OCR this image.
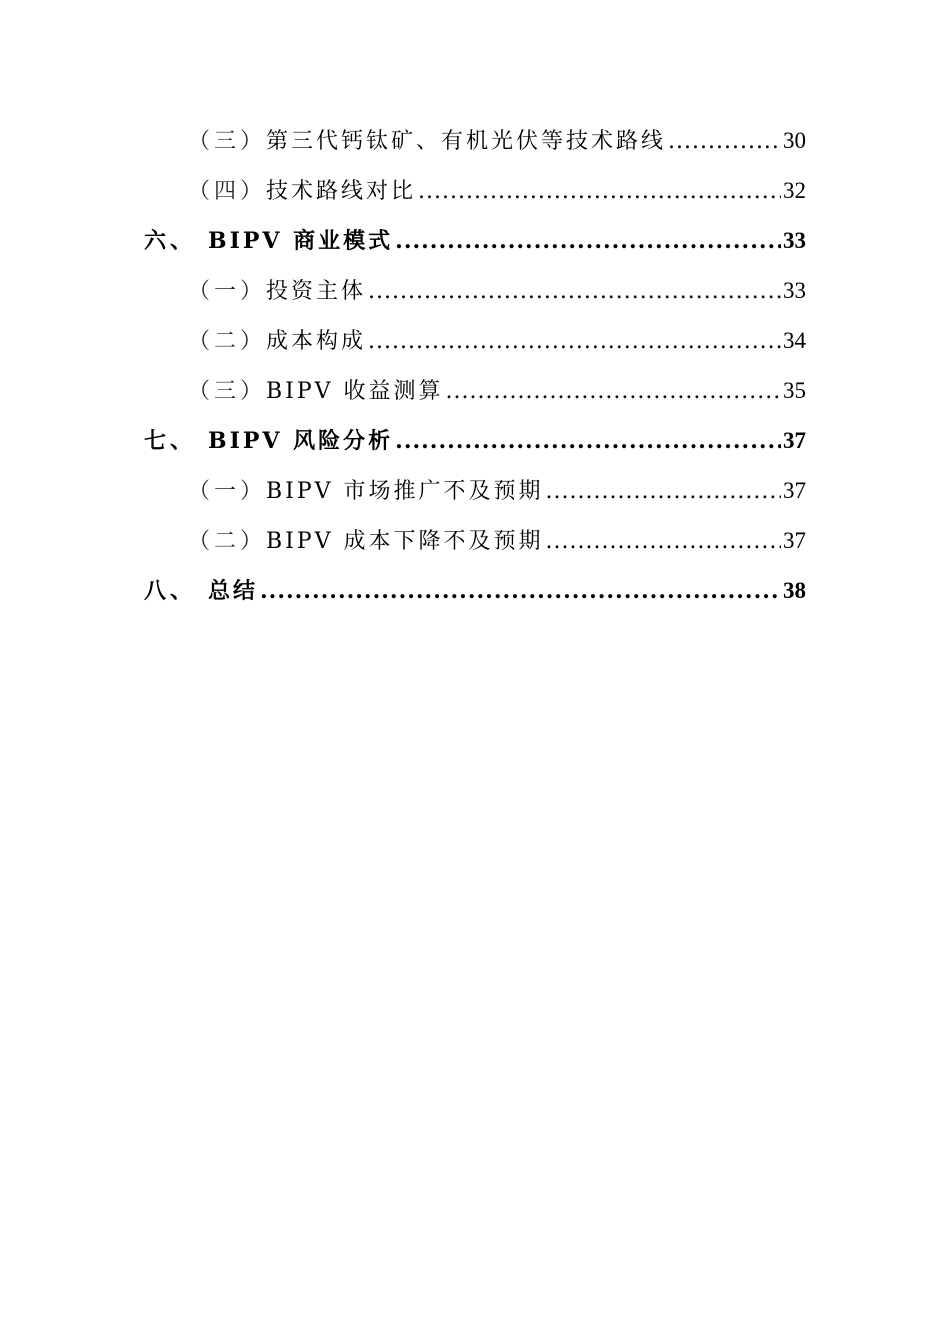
（三） 第三代钙钛矿、有机光伏等技术路线 .....	30
（四） 技术路线对比 .....	32
六、 BIPV 商业模式 .....	33
（一） 投资主体 .....	33
（二） 成本构成 .....	34
（三） BIPV 收益测算 .....	35
七、 BIPV 风险分析 .....	37
（一） BIPV 市场推广不及预期 .....	37
（二） BIPV 成本下降不及预期 .....	37
八、 总结 .....	38
